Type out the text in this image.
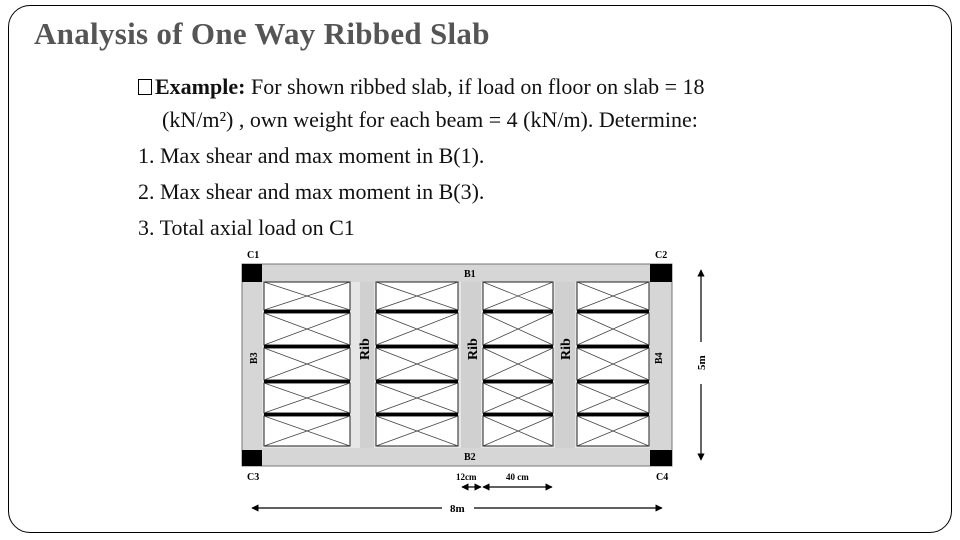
Analysis of One Way Ribbed Slab
Example: For shown ribbed slab, if load on floor on slab = 18
(kN/m²) , own weight for each beam = 4 (kN/m). Determine:
1. Max shear and max moment in B(1).
2. Max shear and max moment in B(3).
3. Total axial load on C1
C1	C2
C3	C4
B1
B2
B3	B4
Rib	Rib	Rib
5m
12cm	40 cm
8m
